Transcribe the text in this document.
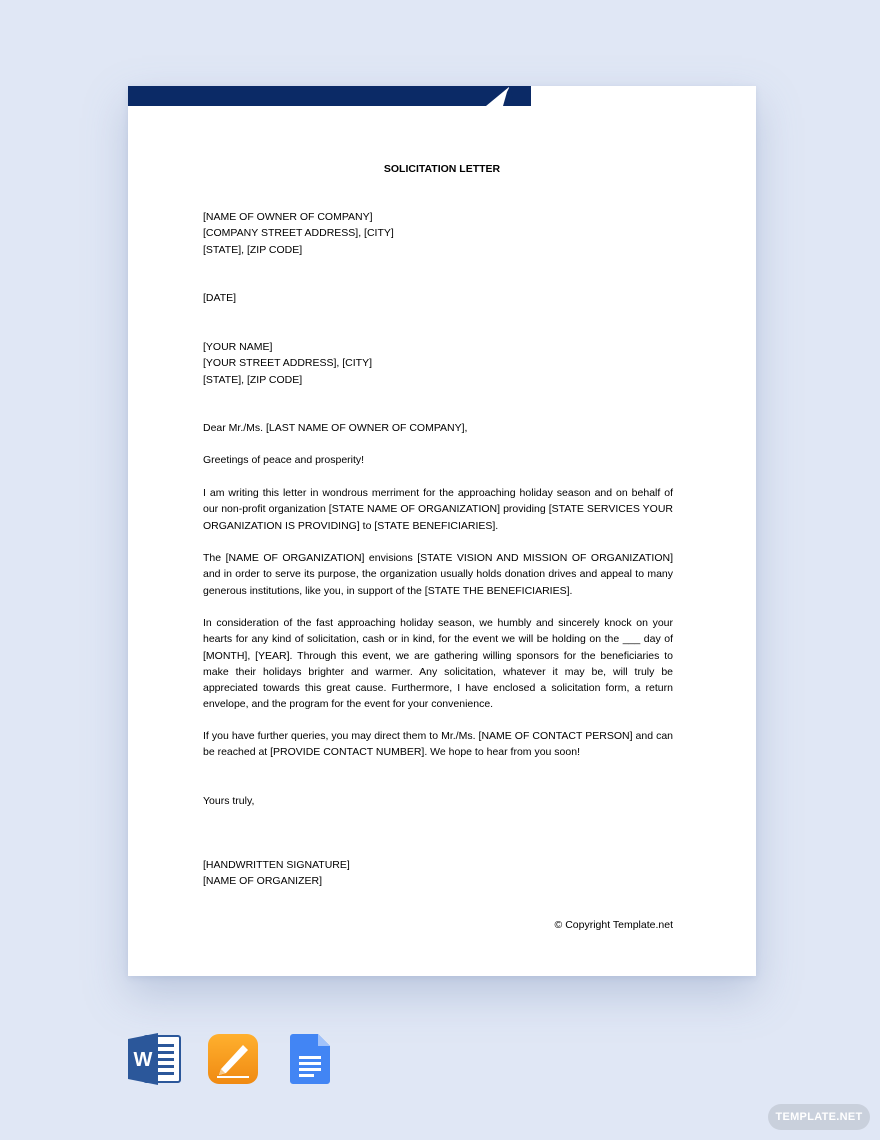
SOLICITATION LETTER
[NAME OF OWNER OF COMPANY]
[COMPANY STREET ADDRESS], [CITY]
[STATE], [ZIP CODE]
[DATE]
[YOUR NAME]
[YOUR STREET ADDRESS], [CITY]
[STATE], [ZIP CODE]
Dear Mr./Ms. [LAST NAME OF OWNER OF COMPANY],
Greetings of peace and prosperity!
I am writing this letter in wondrous merriment for the approaching holiday season and on behalf of our non-profit organization [STATE NAME OF ORGANIZATION] providing [STATE SERVICES YOUR ORGANIZATION IS PROVIDING] to [STATE BENEFICIARIES].
The [NAME OF ORGANIZATION] envisions [STATE VISION AND MISSION OF ORGANIZATION] and in order to serve its purpose, the organization usually holds donation drives and appeal to many generous institutions, like you, in support of the [STATE THE BENEFICIARIES].
In consideration of the fast approaching holiday season, we humbly and sincerely knock on your hearts for any kind of solicitation, cash or in kind, for the event we will be holding on the ___ day of [MONTH], [YEAR]. Through this event, we are gathering willing sponsors for the beneficiaries to make their holidays brighter and warmer. Any solicitation, whatever it may be, will truly be appreciated towards this great cause. Furthermore, I have enclosed a solicitation form, a return envelope, and the program for the event for your convenience.
If you have further queries, you may direct them to Mr./Ms. [NAME OF CONTACT PERSON] and can be reached at [PROVIDE CONTACT NUMBER]. We hope to hear from you soon!
Yours truly,
[HANDWRITTEN SIGNATURE]
[NAME OF ORGANIZER]
© Copyright Template.net
W
TEMPLATE.NET
